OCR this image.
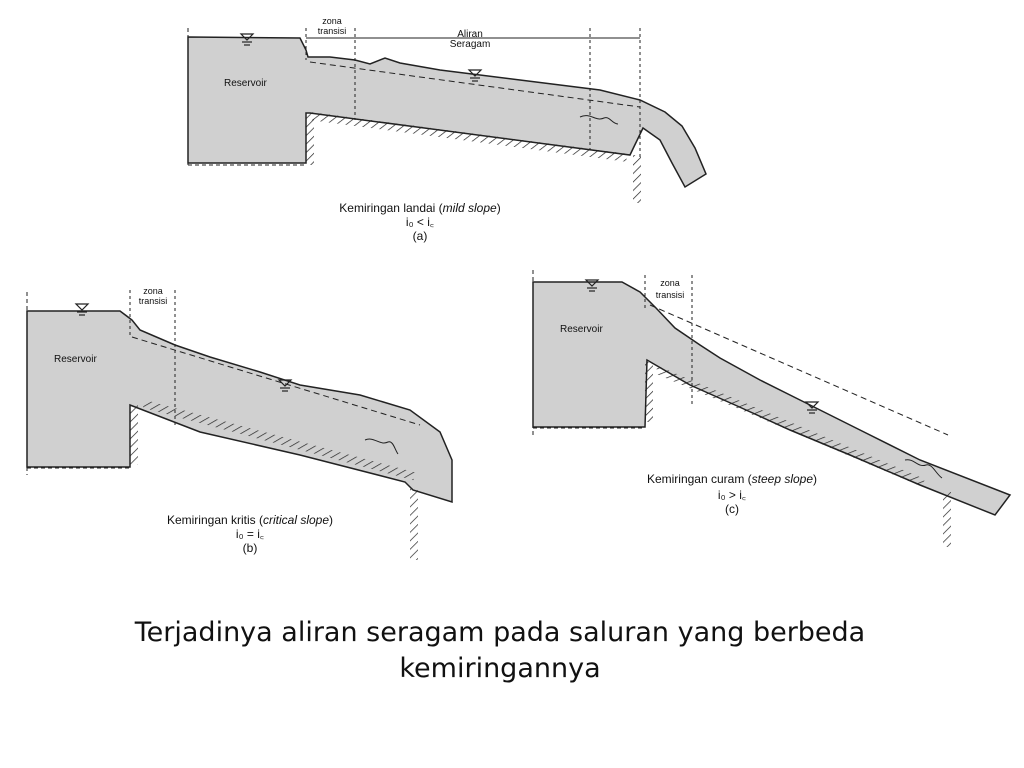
Reservoir
zona
transisi	Aliran
Seragam
Kemiringan landai (mild slope)
i₀ < i꜀
(a)
Reservoir
zona
transisi
Kemiringan kritis (critical slope)
i₀ = i꜀
(b)
Reservoir
zona
transisi
Kemiringan curam (steep slope)
i₀ > i꜀
(c)
Terjadinya aliran seragam pada saluran yang berbeda
kemiringannya
